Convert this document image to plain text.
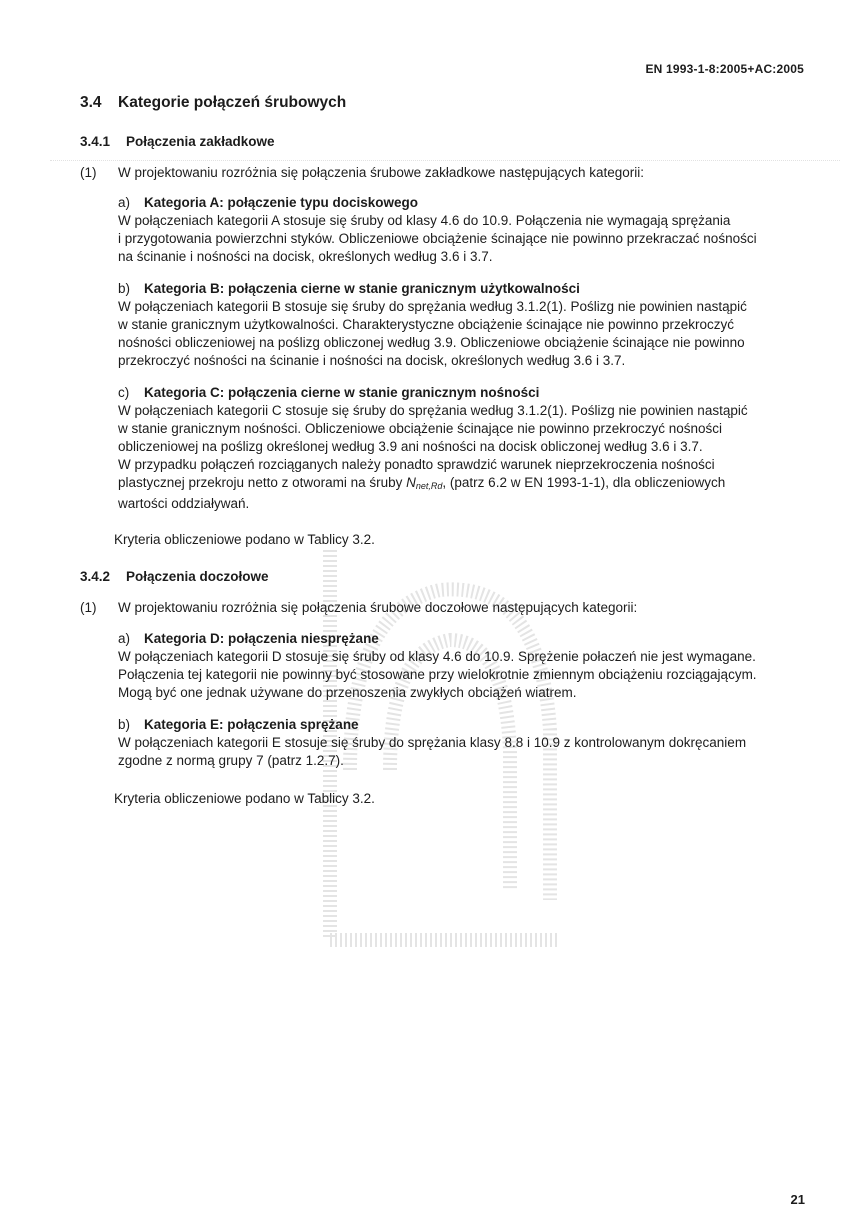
EN 1993-1-8:2005+AC:2005
3.4 Kategorie połączeń śrubowych
3.4.1 Połączenia zakładkowe
(1) W projektowaniu rozróżnia się połączenia śrubowe zakładkowe następujących kategorii:
a) Kategoria A: połączenie typu dociskowego
W połączeniach kategorii A stosuje się śruby od klasy 4.6 do 10.9. Połączenia nie wymagają sprężania
i przygotowania powierzchni styków. Obliczeniowe obciążenie ścinające nie powinno przekraczać nośności
na ścinanie i nośności na docisk, określonych według 3.6 i 3.7.
b) Kategoria B: połączenia cierne w stanie granicznym użytkowalności
W połączeniach kategorii B stosuje się śruby do sprężania według 3.1.2(1). Poślizg nie powinien nastąpić
w stanie granicznym użytkowalności. Charakterystyczne obciążenie ścinające nie powinno przekroczyć
nośności obliczeniowej na poślizg obliczonej według 3.9. Obliczeniowe obciążenie ścinające nie powinno
przekroczyć nośności na ścinanie i nośności na docisk, określonych według 3.6 i 3.7.
c) Kategoria C: połączenia cierne w stanie granicznym nośności
W połączeniach kategorii C stosuje się śruby do sprężania według 3.1.2(1). Poślizg nie powinien nastąpić
w stanie granicznym nośności. Obliczeniowe obciążenie ścinające nie powinno przekroczyć nośności
obliczeniowej na poślizg określonej według 3.9 ani nośności na docisk obliczonej według 3.6 i 3.7.
W przypadku połączeń rozciąganych należy ponadto sprawdzić warunek nieprzekroczenia nośności
plastycznej przekroju netto z otworami na śruby $N_{net,Rd}$, (patrz 6.2 w EN 1993-1-1), dla obliczeniowych
wartości oddziaływań.
Kryteria obliczeniowe podano w Tablicy 3.2.
3.4.2 Połączenia doczołowe
(1) W projektowaniu rozróżnia się połączenia śrubowe doczołowe następujących kategorii:
a) Kategoria D: połączenia niesprężane
W połączeniach kategorii D stosuje się śruby od klasy 4.6 do 10.9. Sprężenie połaczeń nie jest wymagane.
Połączenia tej kategorii nie powinny być stosowane przy wielokrotnie zmiennym obciążeniu rozciągającym.
Mogą być one jednak używane do przenoszenia zwykłych obciążeń wiatrem.
b) Kategoria E: połączenia sprężane
W połączeniach kategorii E stosuje się śruby do sprężania klasy 8.8 i 10.9 z kontrolowanym dokręcaniem
zgodne z normą grupy 7 (patrz 1.2.7).
Kryteria obliczeniowe podano w Tablicy 3.2.
21
